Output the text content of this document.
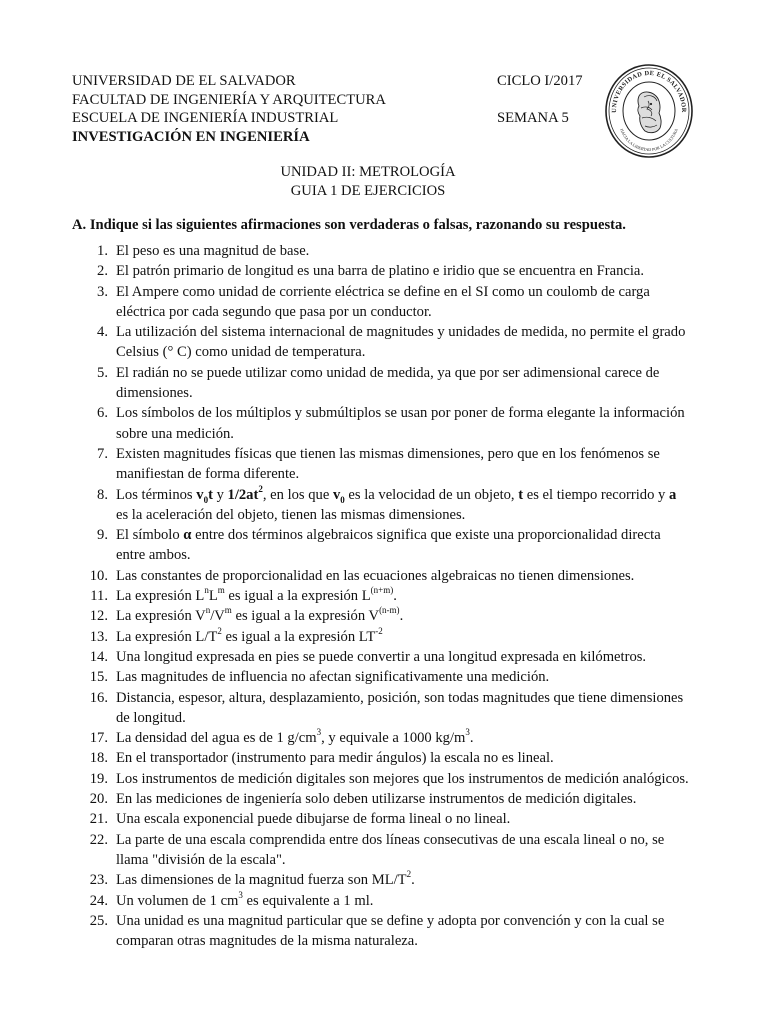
UNIVERSIDAD DE EL SALVADOR
FACULTAD DE INGENIERÍA Y ARQUITECTURA
ESCUELA DE INGENIERÍA INDUSTRIAL
INVESTIGACIÓN EN INGENIERÍA
CICLO I/2017
SEMANA 5	UNIVERSIDAD DE EL SALVADOR
HACIA LA LIBERTAD POR LA CULTURA
UNIDAD II: METROLOGÍA
GUIA 1 DE EJERCICIOS
A. Indique si las siguientes afirmaciones son verdaderas o falsas, razonando su respuesta.
1 . El peso es una magnitud de base.
2 . El patrón primario de longitud es una barra de platino e iridio que se encuentra en Francia.
3 . El Ampere como unidad de corriente eléctrica se define en el SI como un coulomb de carga eléctrica por cada segundo que pasa por un conductor.
4 . La utilización del sistema internacional de magnitudes y unidades de medida, no permite el grado Celsius (° C) como unidad de temperatura.
5 . El radián no se puede utilizar como unidad de medida, ya que por ser adimensional carece de dimensiones.
6 . Los símbolos de los múltiplos y submúltiplos se usan por poner de forma elegante la información sobre una medición.
7 . Existen magnitudes físicas que tienen las mismas dimensiones, pero que en los fenómenos se manifiestan de forma diferente.
8 . Los términos $v_0t$ y $1/2at^2$, en los que $v_0$ es la velocidad de un objeto, t es el tiempo recorrido y a es la aceleración del objeto, tienen las mismas dimensiones.
9 . El símbolo α entre dos términos algebraicos significa que existe una proporcionalidad directa entre ambos.
10 . Las constantes de proporcionalidad en las ecuaciones algebraicas no tienen dimensiones.
11 . La expresión $L^nL^m$ es igual a la expresión $L^{(n+m)}$.
12 . La expresión $V^n/V^m$ es igual a la expresión $V^{(n-m)}$.
13 . La expresión $L/T^2$ es igual a la expresión $LT^{-2}$
14 . Una longitud expresada en pies se puede convertir a una longitud expresada en kilómetros.
15 . Las magnitudes de influencia no afectan significativamente una medición.
16 . Distancia, espesor, altura, desplazamiento, posición, son todas magnitudes que tiene dimensiones de longitud.
17 . La densidad del agua es de 1 $g/cm^3$, y equivale a 1000 $kg/m^3$.
18 . En el transportador (instrumento para medir ángulos) la escala no es lineal.
19 . Los instrumentos de medición digitales son mejores que los instrumentos de medición analógicos.
20 . En las mediciones de ingeniería solo deben utilizarse instrumentos de medición digitales.
21 . Una escala exponencial puede dibujarse de forma lineal o no lineal.
22 . La parte de una escala comprendida entre dos líneas consecutivas de una escala lineal o no, se llama "división de la escala".
23 . Las dimensiones de la magnitud fuerza son $ML/T^2$.
24 . Un volumen de 1 $cm^3$ es equivalente a 1 ml.
25 . Una unidad es una magnitud particular que se define y adopta por convención y con la cual se comparan otras magnitudes de la misma naturaleza.
